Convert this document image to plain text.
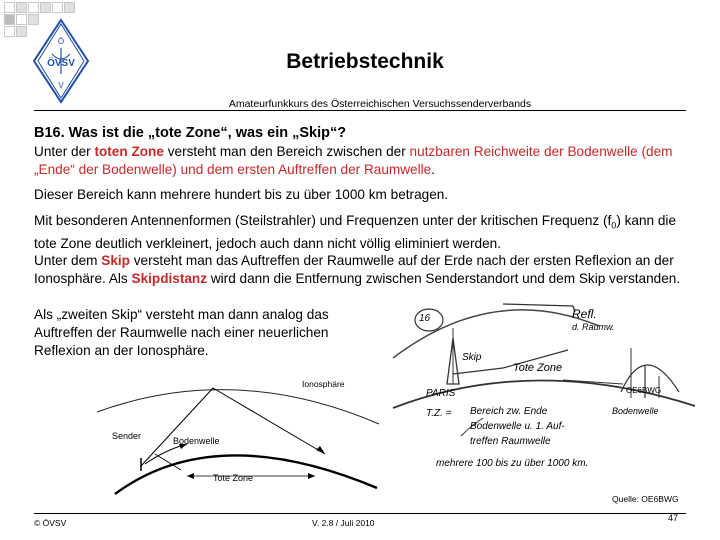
Ö
V
ÖVSV	Betriebstechnik
Amateurfunkkurs des Österreichischen Versuchssenderverbands
B16. Was ist die „tote Zone“, was ein „Skip“?
Unter der toten Zone versteht man den Bereich zwischen der nutzbaren Reichweite der Bodenwelle (dem „Ende“ der Bodenwelle) und dem ersten Auftreffen der Raumwelle.
Dieser Bereich kann mehrere hundert bis zu über 1000 km betragen.
Mit besonderen Antennenformen (Steilstrahler) und Frequenzen unter der kritischen Frequenz $(f_0)$ kann die tote Zone deutlich verkleinert, jedoch auch dann nicht völlig eliminiert werden.
Unter dem Skip versteht man das Auftreffen der Raumwelle auf der Erde nach der ersten Reflexion an der Ionosphäre. Als Skipdistanz wird dann die Entfernung zwischen Senderstandort und dem Skip verstanden.
Als „zweiten Skip“ versteht man dann analog das Auftreffen der Raumwelle nach einer neuerlichen Reflexion an der Ionosphäre.
Ionosphäre
Sender	Bodenwelle
Tote Zone
16	Refl.
d. Raumw.
Skip
Tote Zone
PARIS	OE6BWG
T.Z. = Bereich zw. Ende	Bodenwelle
Bodenwelle u. 1. Auf-
treffen Raumwelle
mehrere 100 bis zu über 1000 km.
Quelle: OE6BWG
© ÖVSV	V. 2.8 / Juli 2010	47
